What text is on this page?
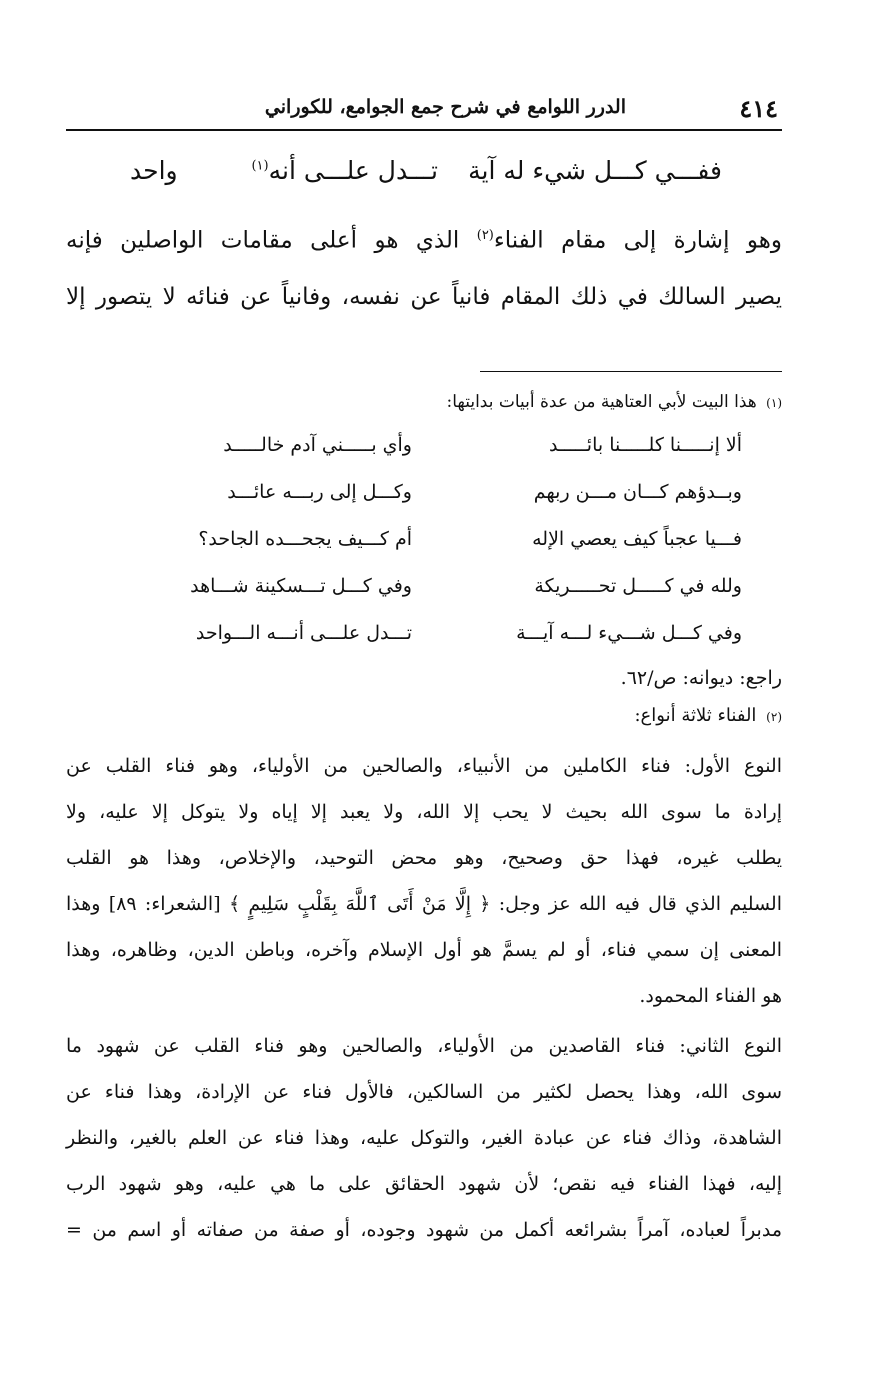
٤١٤
الدرر اللوامع في شرح جمع الجوامع، للكوراني
ففـــي كـــل شيء له آية
تـــدل علـــى أنه$^{(١)}$
واحد

وهو إشارة إلى مقام الفناء$^{(٢)}$ الذي هو أعلى مقامات الواصلين فإنه

يصير السالك في ذلك المقام فانياً عن نفسه، وفانياً عن فنائه لا يتصور إلا

(١) هذا البيت لأبي العتاهية من عدة أبيات بدايتها:
ألا إنـــــنا كلـــــنا بائـــــد
وأي بـــــني آدم خالـــــد
وبــدؤهم كـــان مـــن ربهم
وكـــل إلى ربـــه عائـــد
فـــيا عجباً كيف يعصي الإله
أم كـــيف يجحـــده الجاحد؟
ولله في كـــــل تحـــــريكة
وفي كـــل تـــسكينة شـــاهد
وفي كـــل شـــيء لـــه آيـــة
تـــدل علـــى أنـــه الـــواحد
راجع: ديوانه: ص/٦٢.
(٢) الفناء ثلاثة أنواع:

النوع الأول: فناء الكاملين من الأنبياء، والصالحين من الأولياء، وهو فناء القلب عن

إرادة ما سوى الله بحيث لا يحب إلا الله، ولا يعبد إلا إياه ولا يتوكل إلا عليه، ولا

يطلب غيره، فهذا حق وصحيح، وهو محض التوحيد، والإخلاص، وهذا هو القلب

السليم الذي قال فيه الله عز وجل: ﴿ إِلَّا مَنْ أَتَى ٱللَّهَ بِقَلْبٍ سَلِيمٍ ﴾ [الشعراء: ٨٩] وهذا

المعنى إن سمي فناء، أو لم يسمَّ هو أول الإسلام وآخره، وباطن الدين، وظاهره، وهذا

هو الفناء المحمود.

النوع الثاني: فناء القاصدين من الأولياء، والصالحين وهو فناء القلب عن شهود ما

سوى الله، وهذا يحصل لكثير من السالكين، فالأول فناء عن الإرادة، وهذا فناء عن

الشاهدة، وذاك فناء عن عبادة الغير، والتوكل عليه، وهذا فناء عن العلم بالغير، والنظر

إليه، فهذا الفناء فيه نقص؛ لأن شهود الحقائق على ما هي عليه، وهو شهود الرب

مدبراً لعباده، آمراً بشرائعه أكمل من شهود وجوده، أو صفة من صفاته أو اسم من =
